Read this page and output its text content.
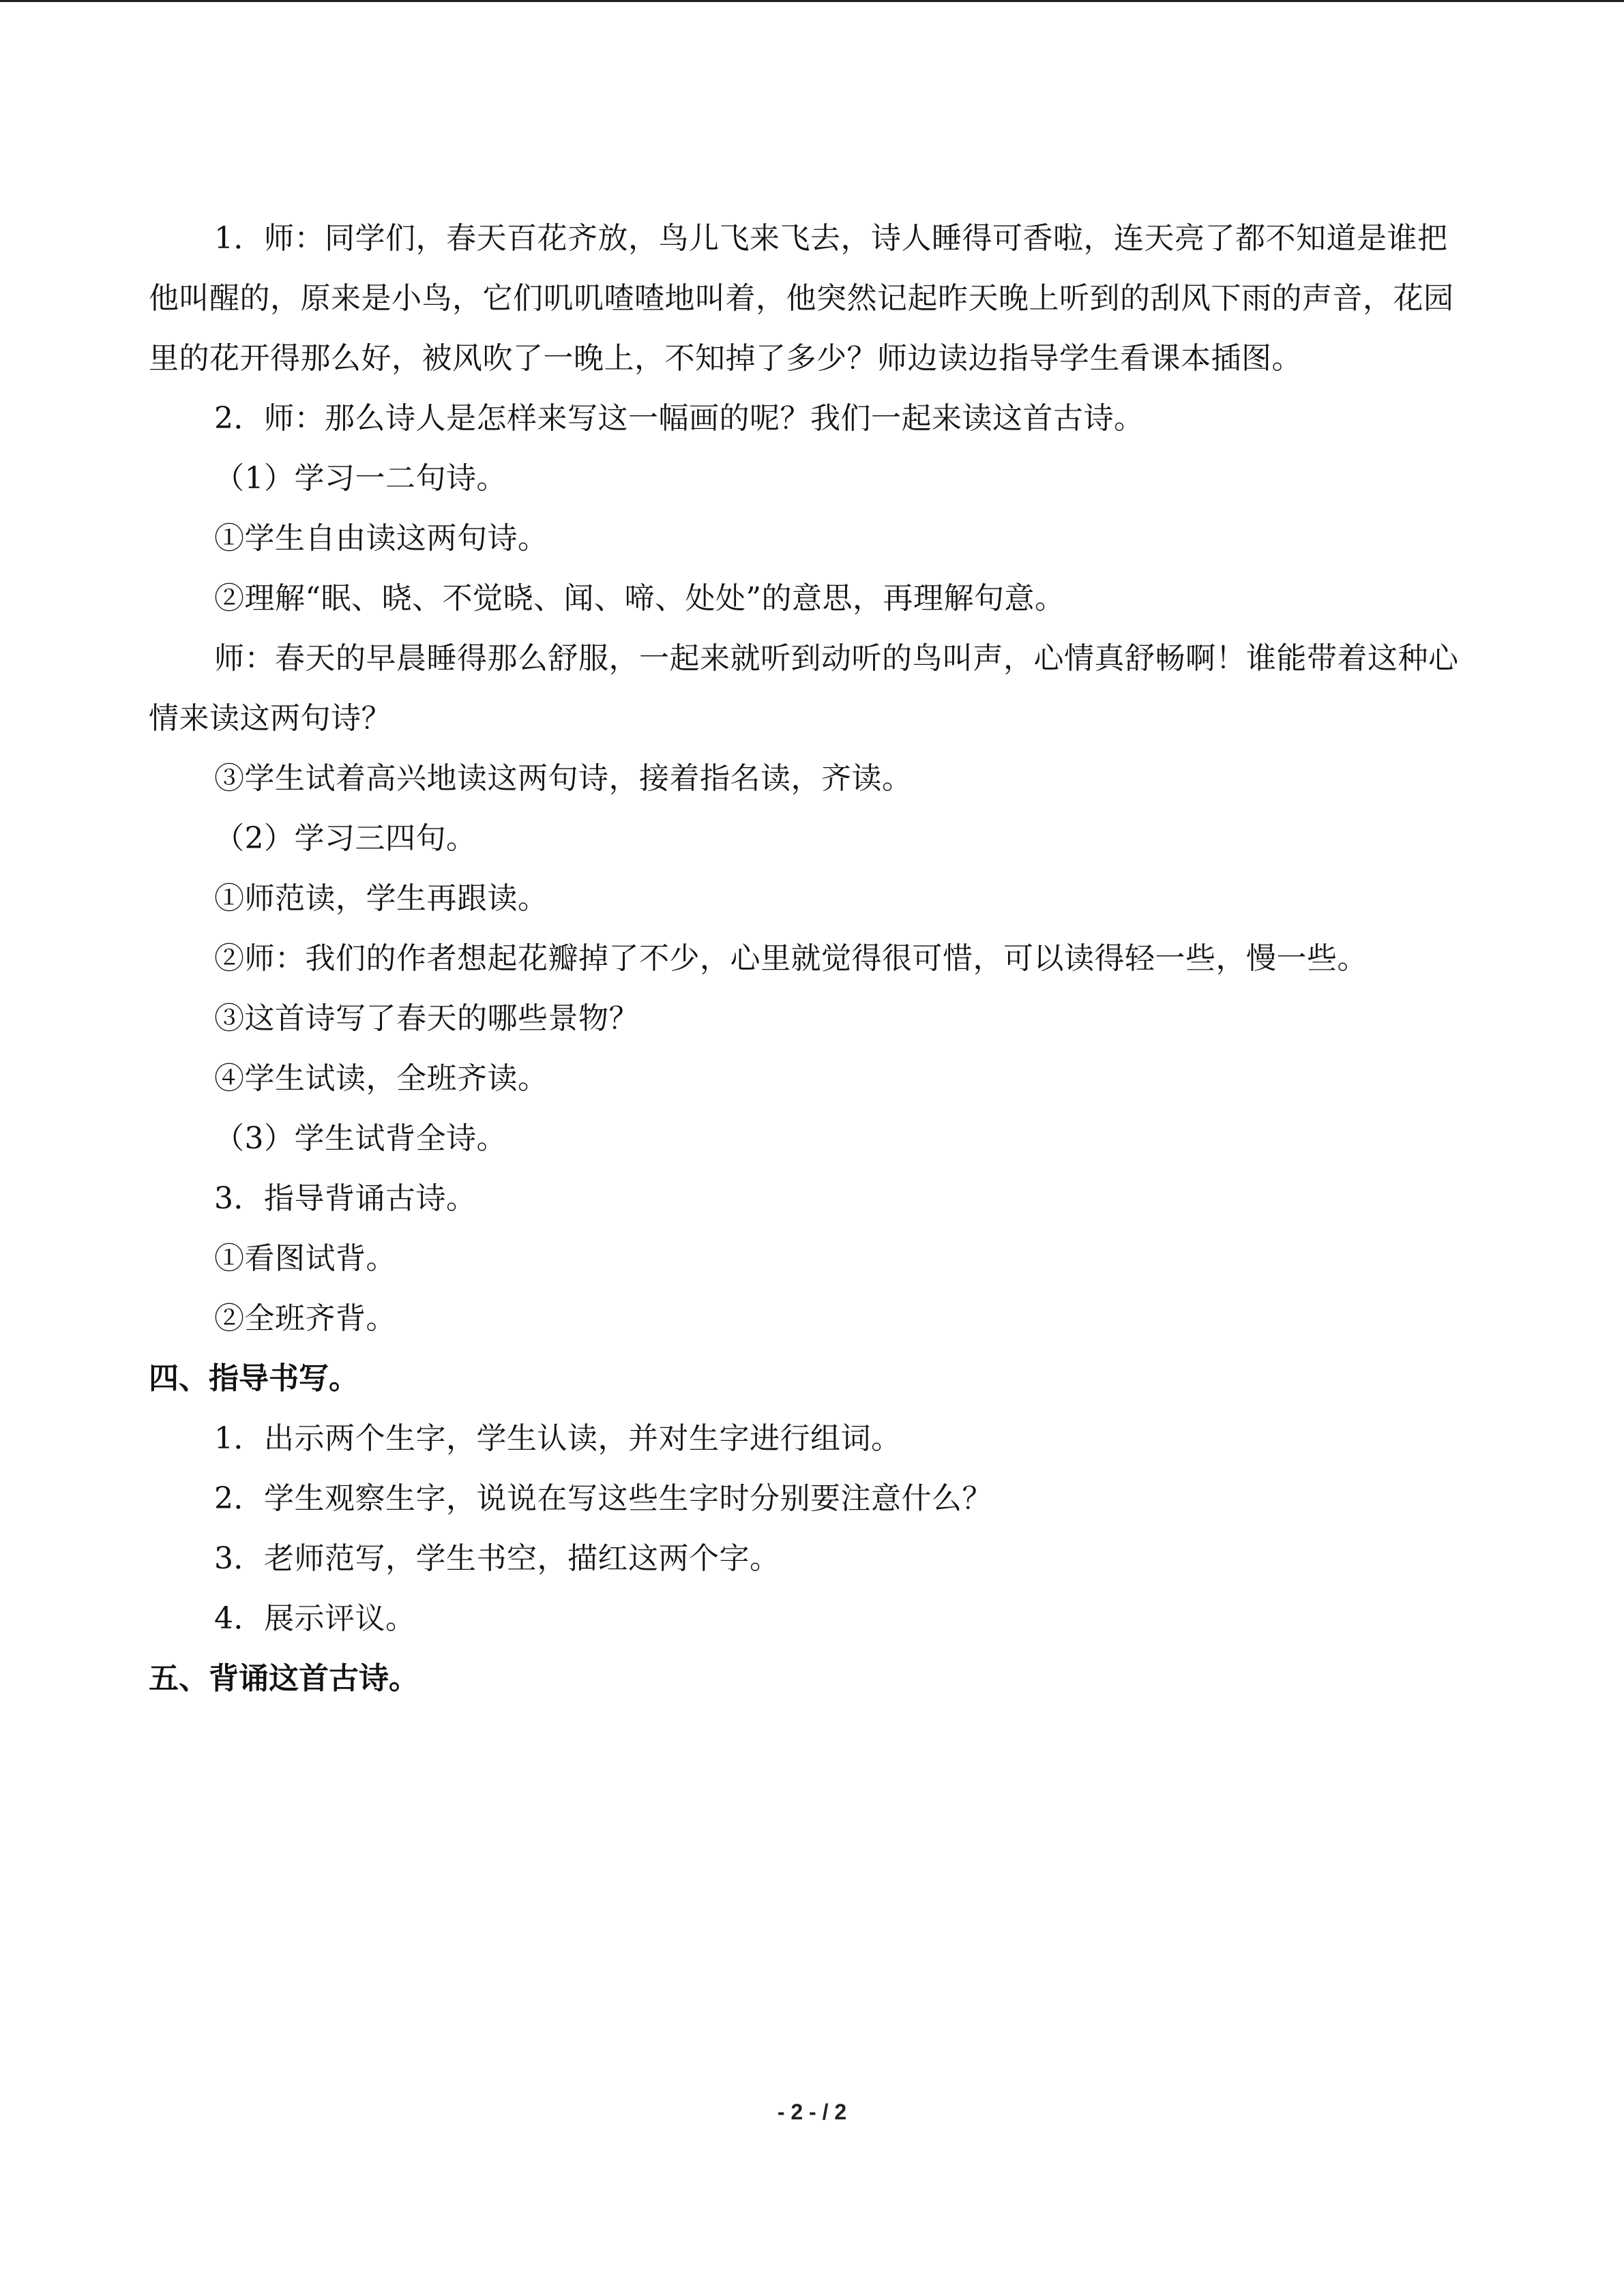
1．师：同学们，春天百花齐放，鸟儿飞来飞去，诗人睡得可香啦，连天亮了都不知道是谁把他叫醒的，原来是小鸟，它们叽叽喳喳地叫着，他突然记起昨天晚上听到的刮风下雨的声音，花园里的花开得那么好，被风吹了一晚上，不知掉了多少？师边读边指导学生看课本插图。

2．师：那么诗人是怎样来写这一幅画的呢？我们一起来读这首古诗。

（1）学习一二句诗。

①学生自由读这两句诗。

②理解“眠、晓、不觉晓、闻、啼、处处”的意思，再理解句意。

师：春天的早晨睡得那么舒服，一起来就听到动听的鸟叫声，心情真舒畅啊！谁能带着这种心情来读这两句诗？

③学生试着高兴地读这两句诗，接着指名读，齐读。

（2）学习三四句。

①师范读，学生再跟读。

②师：我们的作者想起花瓣掉了不少，心里就觉得很可惜，可以读得轻一些，慢一些。

③这首诗写了春天的哪些景物？

④学生试读，全班齐读。

（3）学生试背全诗。

3．指导背诵古诗。

①看图试背。

②全班齐背。

四、指导书写。

1．出示两个生字，学生认读，并对生字进行组词。

2．学生观察生字，说说在写这些生字时分别要注意什么？

3．老师范写，学生书空，描红这两个字。

4．展示评议。

五、背诵这首古诗。

- 2 - / 2
